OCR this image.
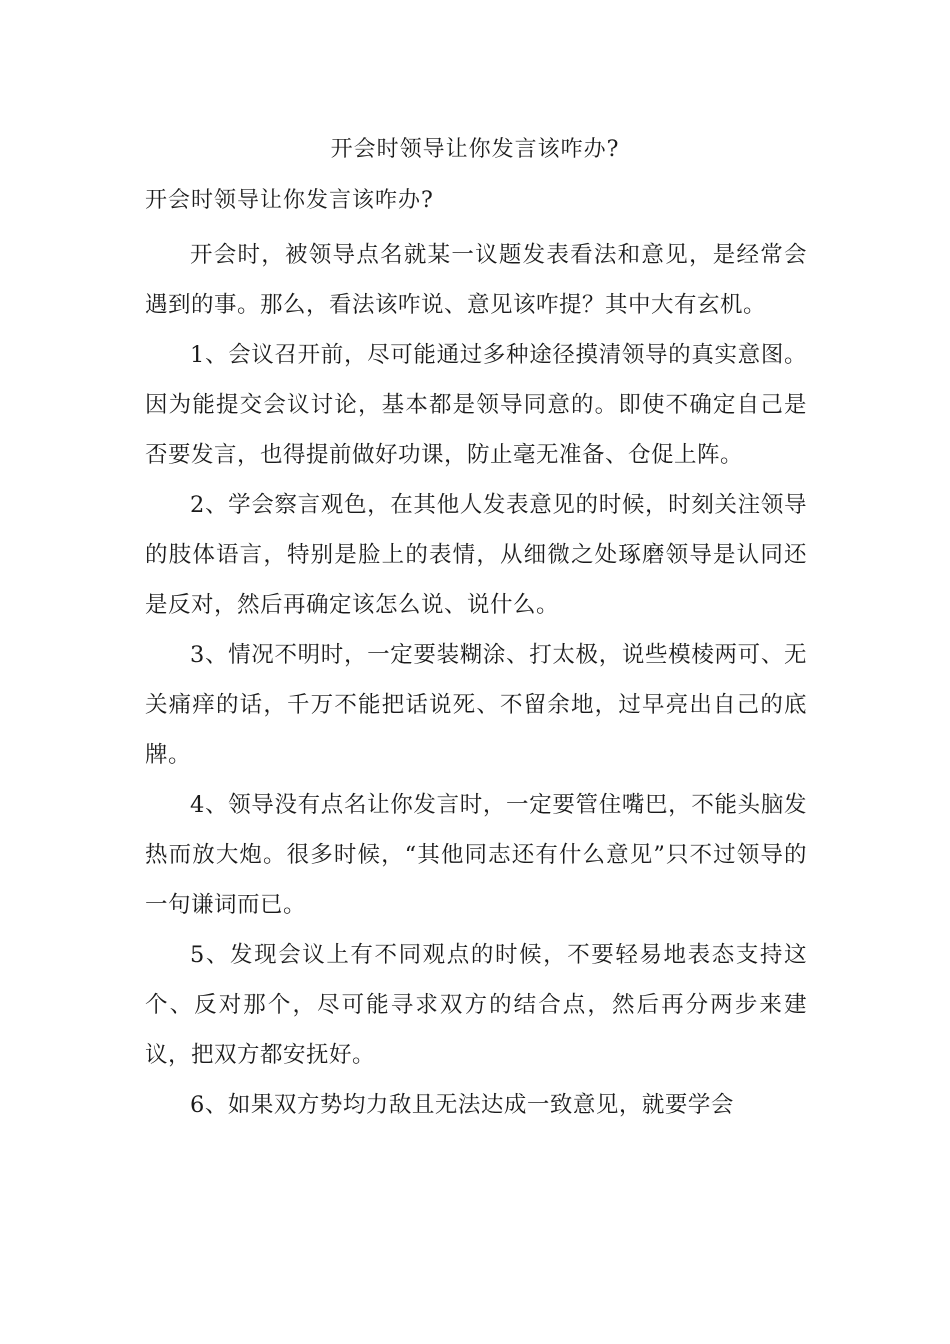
开会时领导让你发言该咋办?

开会时领导让你发言该咋办?

开会时，被领导点名就某一议题发表看法和意见，是经常会遇到的事。那么，看法该咋说、意见该咋提？其中大有玄机。

1、会议召开前，尽可能通过多种途径摸清领导的真实意图。因为能提交会议讨论，基本都是领导同意的。即使不确定自己是否要发言，也得提前做好功课，防止毫无准备、仓促上阵。

2、学会察言观色，在其他人发表意见的时候，时刻关注领导的肢体语言，特别是脸上的表情，从细微之处琢磨领导是认同还是反对，然后再确定该怎么说、说什么。

3、情况不明时，一定要装糊涂、打太极，说些模棱两可、无关痛痒的话，千万不能把话说死、不留余地，过早亮出自己的底牌。

4、领导没有点名让你发言时，一定要管住嘴巴，不能头脑发热而放大炮。很多时候，“其他同志还有什么意见”只不过领导的一句谦词而已。

5、发现会议上有不同观点的时候，不要轻易地表态支持这个、反对那个，尽可能寻求双方的结合点，然后再分两步来建议，把双方都安抚好。

6、如果双方势均力敌且无法达成一致意见，就要学会
